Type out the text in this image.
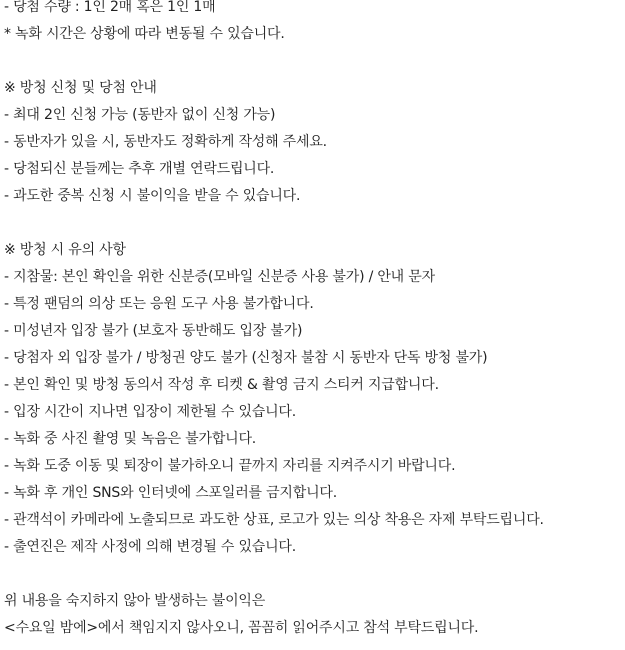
- 당첨 수량 : 1인 2매 혹은 1인 1매
* 녹화 시간은 상황에 따라 변동될 수 있습니다.
※ 방청 신청 및 당첨 안내
- 최대 2인 신청 가능 (동반자 없이 신청 가능)
- 동반자가 있을 시, 동반자도 정확하게 작성해 주세요.
- 당첨되신 분들께는 추후 개별 연락드립니다.
- 과도한 중복 신청 시 불이익을 받을 수 있습니다.
※ 방청 시 유의 사항
- 지참물: 본인 확인을 위한 신분증(모바일 신분증 사용 불가) / 안내 문자
- 특정 팬덤의 의상 또는 응원 도구 사용 불가합니다.
- 미성년자 입장 불가 (보호자 동반해도 입장 불가)
- 당첨자 외 입장 불가 / 방청권 양도 불가 (신청자 불참 시 동반자 단독 방청 불가)
- 본인 확인 및 방청 동의서 작성 후 티켓 & 촬영 금지 스티커 지급합니다.
- 입장 시간이 지나면 입장이 제한될 수 있습니다.
- 녹화 중 사진 촬영 및 녹음은 불가합니다.
- 녹화 도중 이동 및 퇴장이 불가하오니 끝까지 자리를 지켜주시기 바랍니다.
- 녹화 후 개인 SNS와 인터넷에 스포일러를 금지합니다.
- 관객석이 카메라에 노출되므로 과도한 상표, 로고가 있는 의상 착용은 자제 부탁드립니다.
- 출연진은 제작 사정에 의해 변경될 수 있습니다.
위 내용을 숙지하지 않아 발생하는 불이익은
<수요일 밤에>에서 책임지지 않사오니, 꼼꼼히 읽어주시고 참석 부탁드립니다.
